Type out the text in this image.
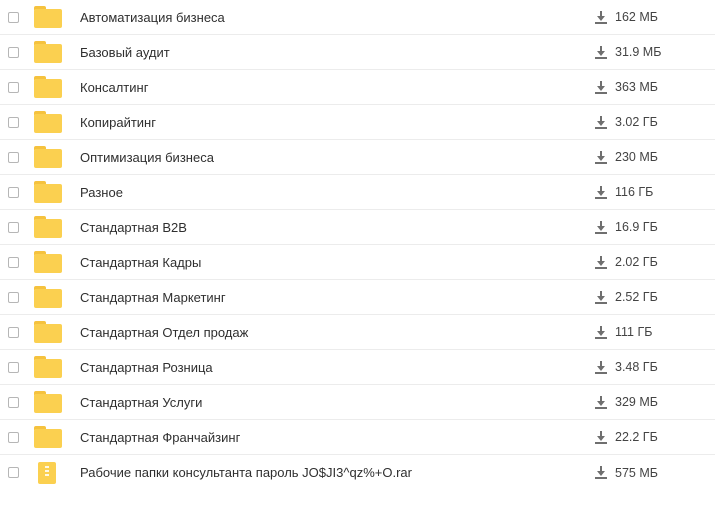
Автоматизация бизнеса	162 МБ
Базовый аудит	31.9 МБ
Консалтинг	363 МБ
Копирайтинг	3.02 ГБ
Оптимизация бизнеса	230 МБ
Разное	116 ГБ
Стандартная B2B	16.9 ГБ
Стандартная Кадры	2.02 ГБ
Стандартная Маркетинг	2.52 ГБ
Стандартная Отдел продаж	111 ГБ
Стандартная Розница	3.48 ГБ
Стандартная Услуги	329 МБ
Стандартная Франчайзинг	22.2 ГБ
Рабочие папки консультанта пароль JO$JI3^qz%+O.rar	575 МБ
